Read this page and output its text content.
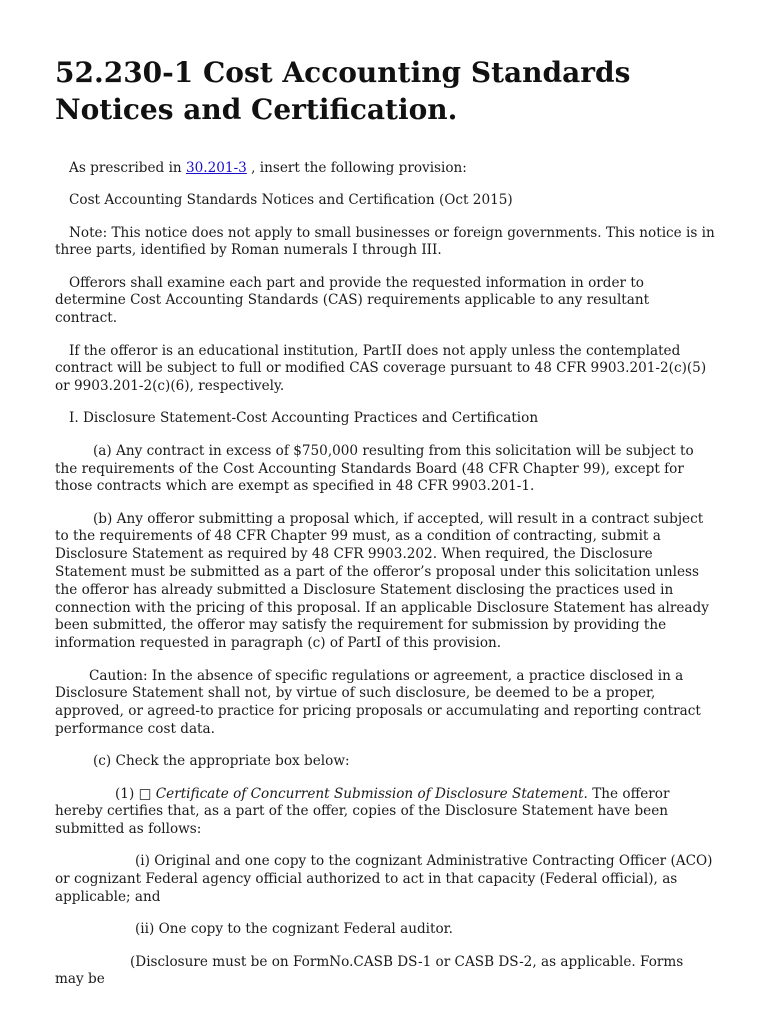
52.230-1 Cost Accounting Standards Notices and Certification.

As prescribed in 30.201-3 , insert the following provision:

Cost Accounting Standards Notices and Certification (Oct 2015)

Note: This notice does not apply to small businesses or foreign governments. This notice is in three parts, identified by Roman numerals I through III.

Offerors shall examine each part and provide the requested information in order to determine Cost Accounting Standards (CAS) requirements applicable to any resultant contract.

If the offeror is an educational institution, PartII does not apply unless the contemplated contract will be subject to full or modified CAS coverage pursuant to 48 CFR 9903.201-2(c)(5) or 9903.201-2(c)(6), respectively.

I. Disclosure Statement-Cost Accounting Practices and Certification

(a) Any contract in excess of $750,000 resulting from this solicitation will be subject to the requirements of the Cost Accounting Standards Board (48 CFR Chapter 99), except for those contracts which are exempt as specified in 48 CFR 9903.201-1.

(b) Any offeror submitting a proposal which, if accepted, will result in a contract subject to the requirements of 48 CFR Chapter 99 must, as a condition of contracting, submit a Disclosure Statement as required by 48 CFR 9903.202. When required, the Disclosure Statement must be submitted as a part of the offeror’s proposal under this solicitation unless the offeror has already submitted a Disclosure Statement disclosing the practices used in connection with the pricing of this proposal. If an applicable Disclosure Statement has already been submitted, the offeror may satisfy the requirement for submission by providing the information requested in paragraph (c) of PartI of this provision.

Caution: In the absence of specific regulations or agreement, a practice disclosed in a Disclosure Statement shall not, by virtue of such disclosure, be deemed to be a proper, approved, or agreed-to practice for pricing proposals or accumulating and reporting contract performance cost data.

(c) Check the appropriate box below:

(1) □ Certificate of Concurrent Submission of Disclosure Statement. The offeror hereby certifies that, as a part of the offer, copies of the Disclosure Statement have been submitted as follows:

(i) Original and one copy to the cognizant Administrative Contracting Officer (ACO) or cognizant Federal agency official authorized to act in that capacity (Federal official), as applicable; and

(ii) One copy to the cognizant Federal auditor.

(Disclosure must be on FormNo.CASB DS-1 or CASB DS-2, as applicable. Forms may be
